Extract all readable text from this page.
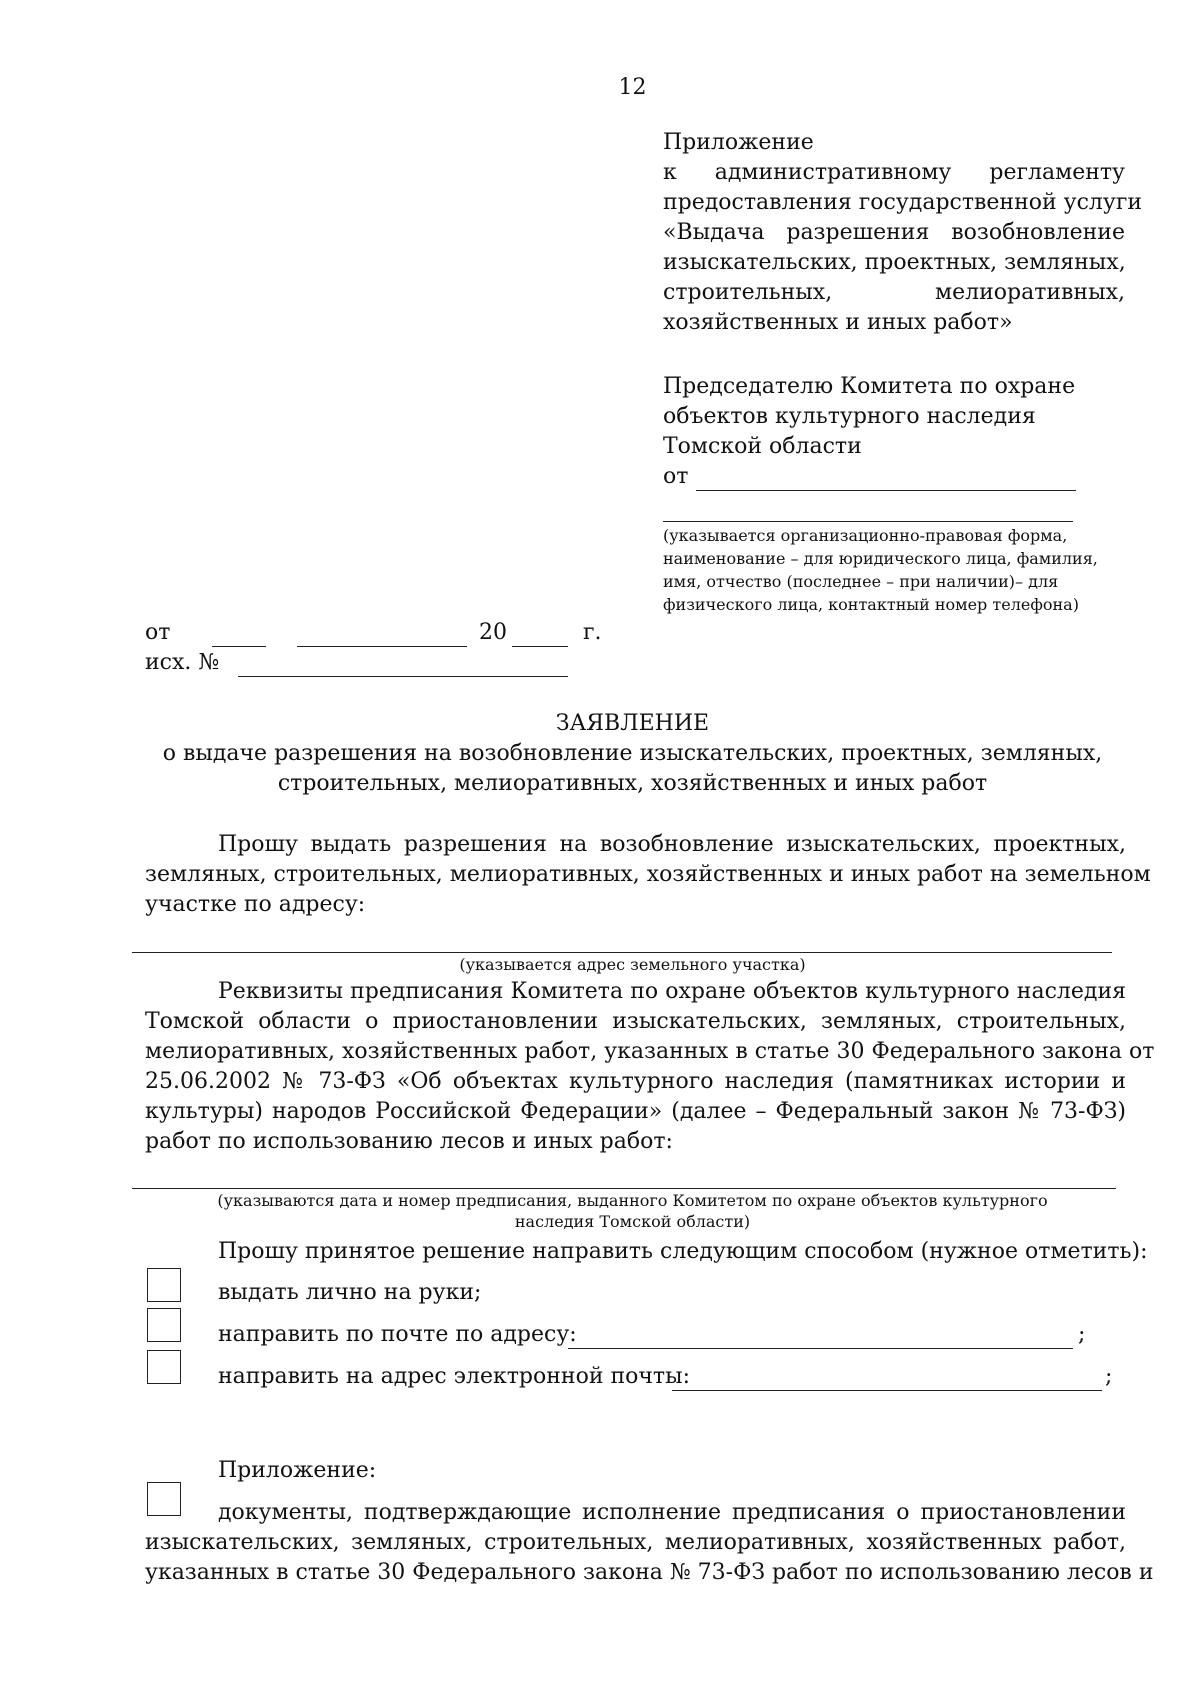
12
Приложение
к административному регламенту
предоставления государственной услуги
«Выдача разрешения возобновление
изыскательских, проектных, земляных,
строительных,	мелиоративных,
хозяйственных и иных работ»
Председателю Комитета по охране
объектов культурного наследия
Томской области
от
(указывается организационно-правовая форма,
наименование – для юридического лица, фамилия,
имя, отчество (последнее – при наличии)– для
физического лица, контактный номер телефона)
от	20	г.
исх. №
ЗАЯВЛЕНИЕ
о выдаче разрешения на возобновление изыскательских, проектных, земляных,
строительных, мелиоративных, хозяйственных и иных работ
Прошу выдать разрешения на возобновление изыскательских, проектных,
земляных, строительных, мелиоративных, хозяйственных и иных работ на земельном
участке по адресу:
(указывается адрес земельного участка)
Реквизиты предписания Комитета по охране объектов культурного наследия
Томской области о приостановлении изыскательских, земляных, строительных,
мелиоративных, хозяйственных работ, указанных в статье 30 Федерального закона от
25.06.2002 № 73-ФЗ «Об объектах культурного наследия (памятниках истории и
культуры) народов Российской Федерации» (далее – Федеральный закон № 73-ФЗ)
работ по использованию лесов и иных работ:
(указываются дата и номер предписания, выданного Комитетом по охране объектов культурного
наследия Томской области)
Прошу принятое решение направить следующим способом (нужное отметить):
выдать лично на руки;
направить по почте по адресу:	;
направить на адрес электронной почты:	;
Приложение:
документы, подтверждающие исполнение предписания о приостановлении
изыскательских, земляных, строительных, мелиоративных, хозяйственных работ,
указанных в статье 30 Федерального закона № 73-ФЗ работ по использованию лесов и
